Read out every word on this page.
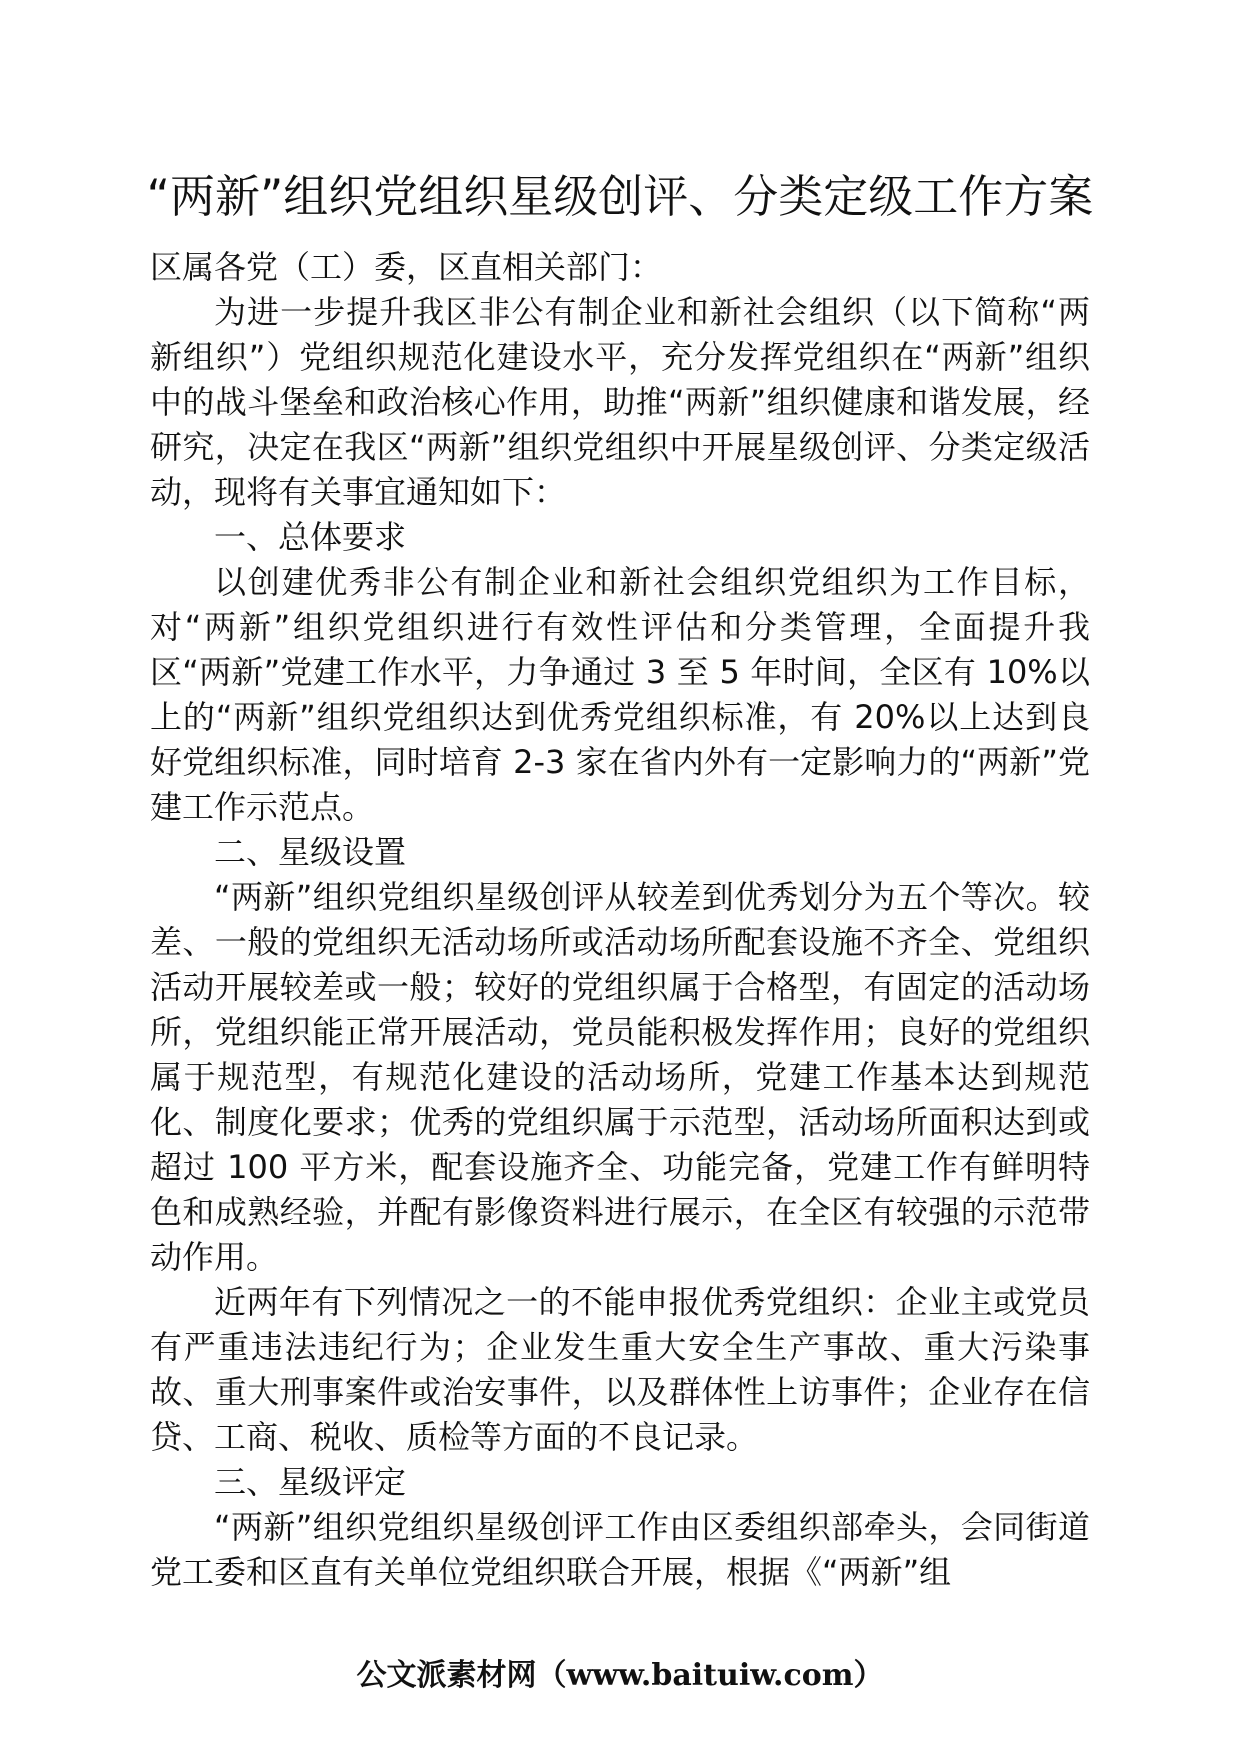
“两新”组织党组织星级创评、分类定级工作方案

区属各党（工）委，区直相关部门：

为进一步提升我区非公有制企业和新社会组织（以下简称“两新组织”）党组织规范化建设水平，充分发挥党组织在“两新”组织中的战斗堡垒和政治核心作用，助推“两新”组织健康和谐发展，经研究，决定在我区“两新”组织党组织中开展星级创评、分类定级活动，现将有关事宜通知如下：

一、总体要求

以创建优秀非公有制企业和新社会组织党组织为工作目标，对“两新”组织党组织进行有效性评估和分类管理，全面提升我区“两新”党建工作水平，力争通过 3 至 5 年时间，全区有 10%以上的“两新”组织党组织达到优秀党组织标准，有 20%以上达到良好党组织标准，同时培育 2-3 家在省内外有一定影响力的“两新”党建工作示范点。

二、星级设置

“两新”组织党组织星级创评从较差到优秀划分为五个等次。较差、一般的党组织无活动场所或活动场所配套设施不齐全、党组织活动开展较差或一般；较好的党组织属于合格型，有固定的活动场所，党组织能正常开展活动，党员能积极发挥作用；良好的党组织属于规范型，有规范化建设的活动场所，党建工作基本达到规范化、制度化要求；优秀的党组织属于示范型，活动场所面积达到或超过 100 平方米，配套设施齐全、功能完备，党建工作有鲜明特色和成熟经验，并配有影像资料进行展示，在全区有较强的示范带动作用。

近两年有下列情况之一的不能申报优秀党组织：企业主或党员有严重违法违纪行为；企业发生重大安全生产事故、重大污染事故、重大刑事案件或治安事件，以及群体性上访事件；企业存在信贷、工商、税收、质检等方面的不良记录。

三、星级评定

“两新”组织党组织星级创评工作由区委组织部牵头，会同街道党工委和区直有关单位党组织联合开展，根据《“两新”组

公文派素材网（www.baituiw.com）
